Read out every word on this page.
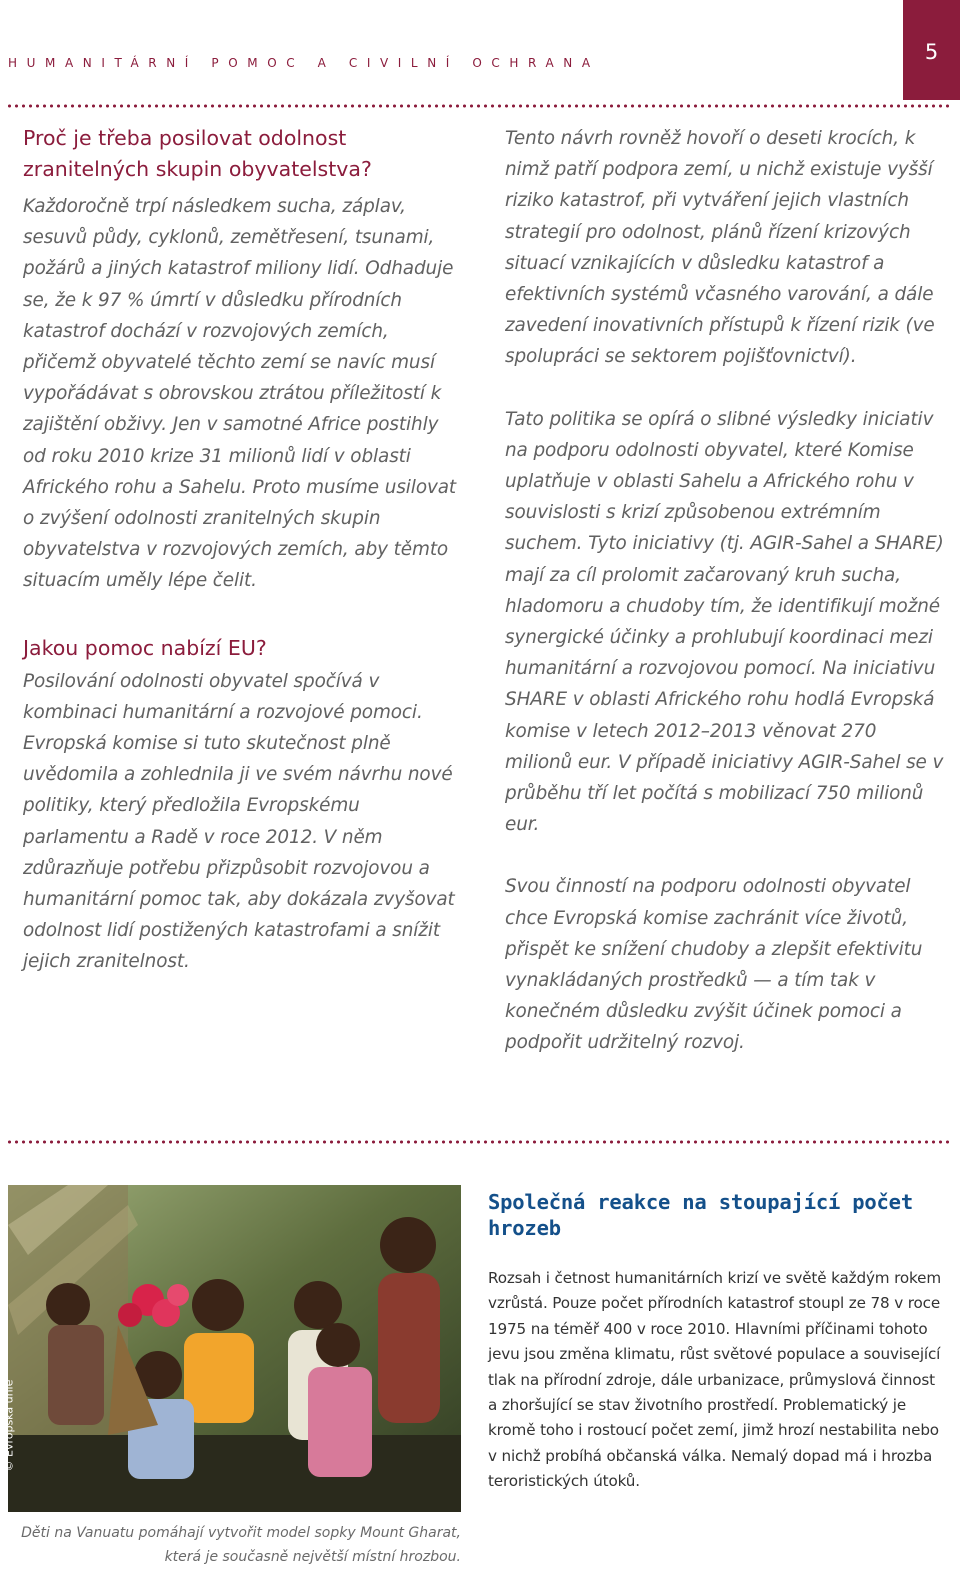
HUMANITÁRNÍ POMOC A CIVILNÍ OCHRANA	5
Proč je třeba posilovat odolnost zranitelných skupin obyvatelstva?

Každoročně trpí následkem sucha, záplav, sesuvů půdy, cyklonů, zemětřesení, tsunami, požárů a jiných katastrof miliony lidí. Odhaduje se, že k 97 % úmrtí v důsledku přírodních katastrof dochází v rozvojových zemích, přičemž obyvatelé těchto zemí se navíc musí vypořádávat s obrovskou ztrátou příležitostí k zajištění obživy. Jen v samotné Africe postihly od roku 2010 krize 31 milionů lidí v oblasti Afrického rohu a Sahelu. Proto musíme usilovat o zvýšení odolnosti zranitelných skupin obyvatelstva v rozvojových zemích, aby těmto situacím uměly lépe čelit.

Jakou pomoc nabízí EU?

Posilování odolnosti obyvatel spočívá v kombinaci humanitární a rozvojové pomoci. Evropská komise si tuto skutečnost plně uvědomila a zohlednila ji ve svém návrhu nové politiky, který předložila Evropskému parlamentu a Radě v roce 2012. V něm zdůrazňuje potřebu přizpůsobit rozvojovou a humanitární pomoc tak, aby dokázala zvyšovat odolnost lidí postižených katastrofami a snížit jejich zranitelnost.

Tento návrh rovněž hovoří o deseti krocích, k nimž patří podpora zemí, u nichž existuje vyšší riziko katastrof, při vytváření jejich vlastních strategií pro odolnost, plánů řízení krizových situací vznikajících v důsledku katastrof a efektivních systémů včasného varování, a dále zavedení inovativních přístupů k řízení rizik (ve spolupráci se sektorem pojišťovnictví).

Tato politika se opírá o slibné výsledky iniciativ na podporu odolnosti obyvatel, které Komise uplatňuje v oblasti Sahelu a Afrického rohu v souvislosti s krizí způsobenou extrémním suchem. Tyto iniciativy (tj. AGIR-Sahel a SHARE) mají za cíl prolomit začarovaný kruh sucha, hladomoru a chudoby tím, že identifikují možné synergické účinky a prohlubují koordinaci mezi humanitární a rozvojovou pomocí. Na iniciativu SHARE v oblasti Afrického rohu hodlá Evropská komise v letech 2012–2013 věnovat 270 milionů eur. V případě iniciativy AGIR-Sahel se v průběhu tří let počítá s mobilizací 750 milionů eur.

Svou činností na podporu odolnosti obyvatel chce Evropská komise zachránit více životů, přispět ke snížení chudoby a zlepšit efektivitu vynakládaných prostředků — a tím tak v konečném důsledku zvýšit účinek pomoci a podpořit udržitelný rozvoj.

© Evropská unie
Děti na Vanuatu pomáhají vytvořit model sopky Mount Gharat, která je současně největší místní hrozbou.
Společná reakce na stoupající počet hrozeb

Rozsah i četnost humanitárních krizí ve světě každým rokem vzrůstá. Pouze počet přírodních katastrof stoupl ze 78 v roce 1975 na téměř 400 v roce 2010. Hlavními příčinami tohoto jevu jsou změna klimatu, růst světové populace a související tlak na přírodní zdroje, dále urbanizace, průmyslová činnost a zhoršující se stav životního prostředí. Problematický je kromě toho i rostoucí počet zemí, jimž hrozí nestabilita nebo v nichž probíhá občanská válka. Nemalý dopad má i hrozba teroristických útoků.
